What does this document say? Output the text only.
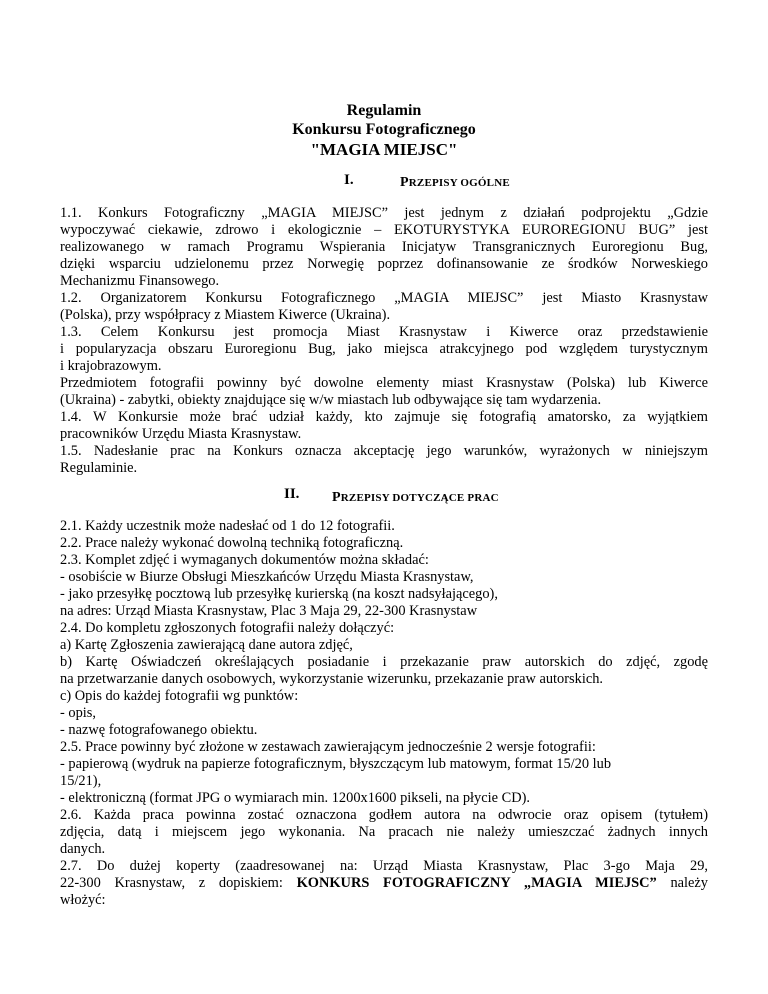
Regulamin
Konkursu Fotograficznego
"MAGIA MIEJSC"
I.	PRZEPISY OGÓLNE

1.1. Konkurs Fotograficzny „MAGIA MIEJSC” jest jednym z działań podprojektu „Gdzie

wypoczywać ciekawie, zdrowo i ekologicznie – EKOTURYSTYKA EUROREGIONU BUG” jest

realizowanego w ramach Programu Wspierania Inicjatyw Transgranicznych Euroregionu Bug,

dzięki wsparciu udzielonemu przez Norwegię poprzez dofinansowanie ze środków Norweskiego

Mechanizmu Finansowego.

1.2. Organizatorem Konkursu Fotograficznego „MAGIA MIEJSC” jest Miasto Krasnystaw

(Polska), przy współpracy z Miastem Kiwerce (Ukraina).

1.3. Celem Konkursu jest promocja Miast Krasnystaw i Kiwerce oraz przedstawienie

i popularyzacja obszaru Euroregionu Bug, jako miejsca atrakcyjnego pod względem turystycznym

i krajobrazowym.

Przedmiotem fotografii powinny być dowolne elementy miast Krasnystaw (Polska) lub Kiwerce

(Ukraina) - zabytki, obiekty znajdujące się w/w miastach lub odbywające się tam wydarzenia.

1.4. W Konkursie może brać udział każdy, kto zajmuje się fotografią amatorsko, za wyjątkiem

pracowników Urzędu Miasta Krasnystaw.

1.5. Nadesłanie prac na Konkurs oznacza akceptację jego warunków, wyrażonych w niniejszym

Regulaminie.

II. PRZEPISY DOTYCZĄCE PRAC

2.1. Każdy uczestnik może nadesłać od 1 do 12 fotografii.

2.2. Prace należy wykonać dowolną techniką fotograficzną.

2.3. Komplet zdjęć i wymaganych dokumentów można składać:

- osobiście w Biurze Obsługi Mieszkańców Urzędu Miasta Krasnystaw,

- jako przesyłkę pocztową lub przesyłkę kurierską (na koszt nadsyłającego),

na adres: Urząd Miasta Krasnystaw, Plac 3 Maja 29, 22-300 Krasnystaw

2.4. Do kompletu zgłoszonych fotografii należy dołączyć:

a) Kartę Zgłoszenia zawierającą dane autora zdjęć,

b) Kartę Oświadczeń określających posiadanie i przekazanie praw autorskich do zdjęć, zgodę

na przetwarzanie danych osobowych, wykorzystanie wizerunku, przekazanie praw autorskich.

c) Opis do każdej fotografii wg punktów:

- opis,

- nazwę fotografowanego obiektu.

2.5. Prace powinny być złożone w zestawach zawierającym jednocześnie 2 wersje fotografii:

- papierową (wydruk na papierze fotograficznym, błyszczącym lub matowym, format 15/20 lub

15/21),

- elektroniczną (format JPG o wymiarach min. 1200x1600 pikseli, na płycie CD).

2.6. Każda praca powinna zostać oznaczona godłem autora na odwrocie oraz opisem (tytułem)

zdjęcia, datą i miejscem jego wykonania. Na pracach nie należy umieszczać żadnych innych

danych.

2.7. Do dużej koperty (zaadresowanej na: Urząd Miasta Krasnystaw, Plac 3-go Maja 29,

22-300 Krasnystaw, z dopiskiem: KONKURS FOTOGRAFICZNY „MAGIA MIEJSC” należy

włożyć:
